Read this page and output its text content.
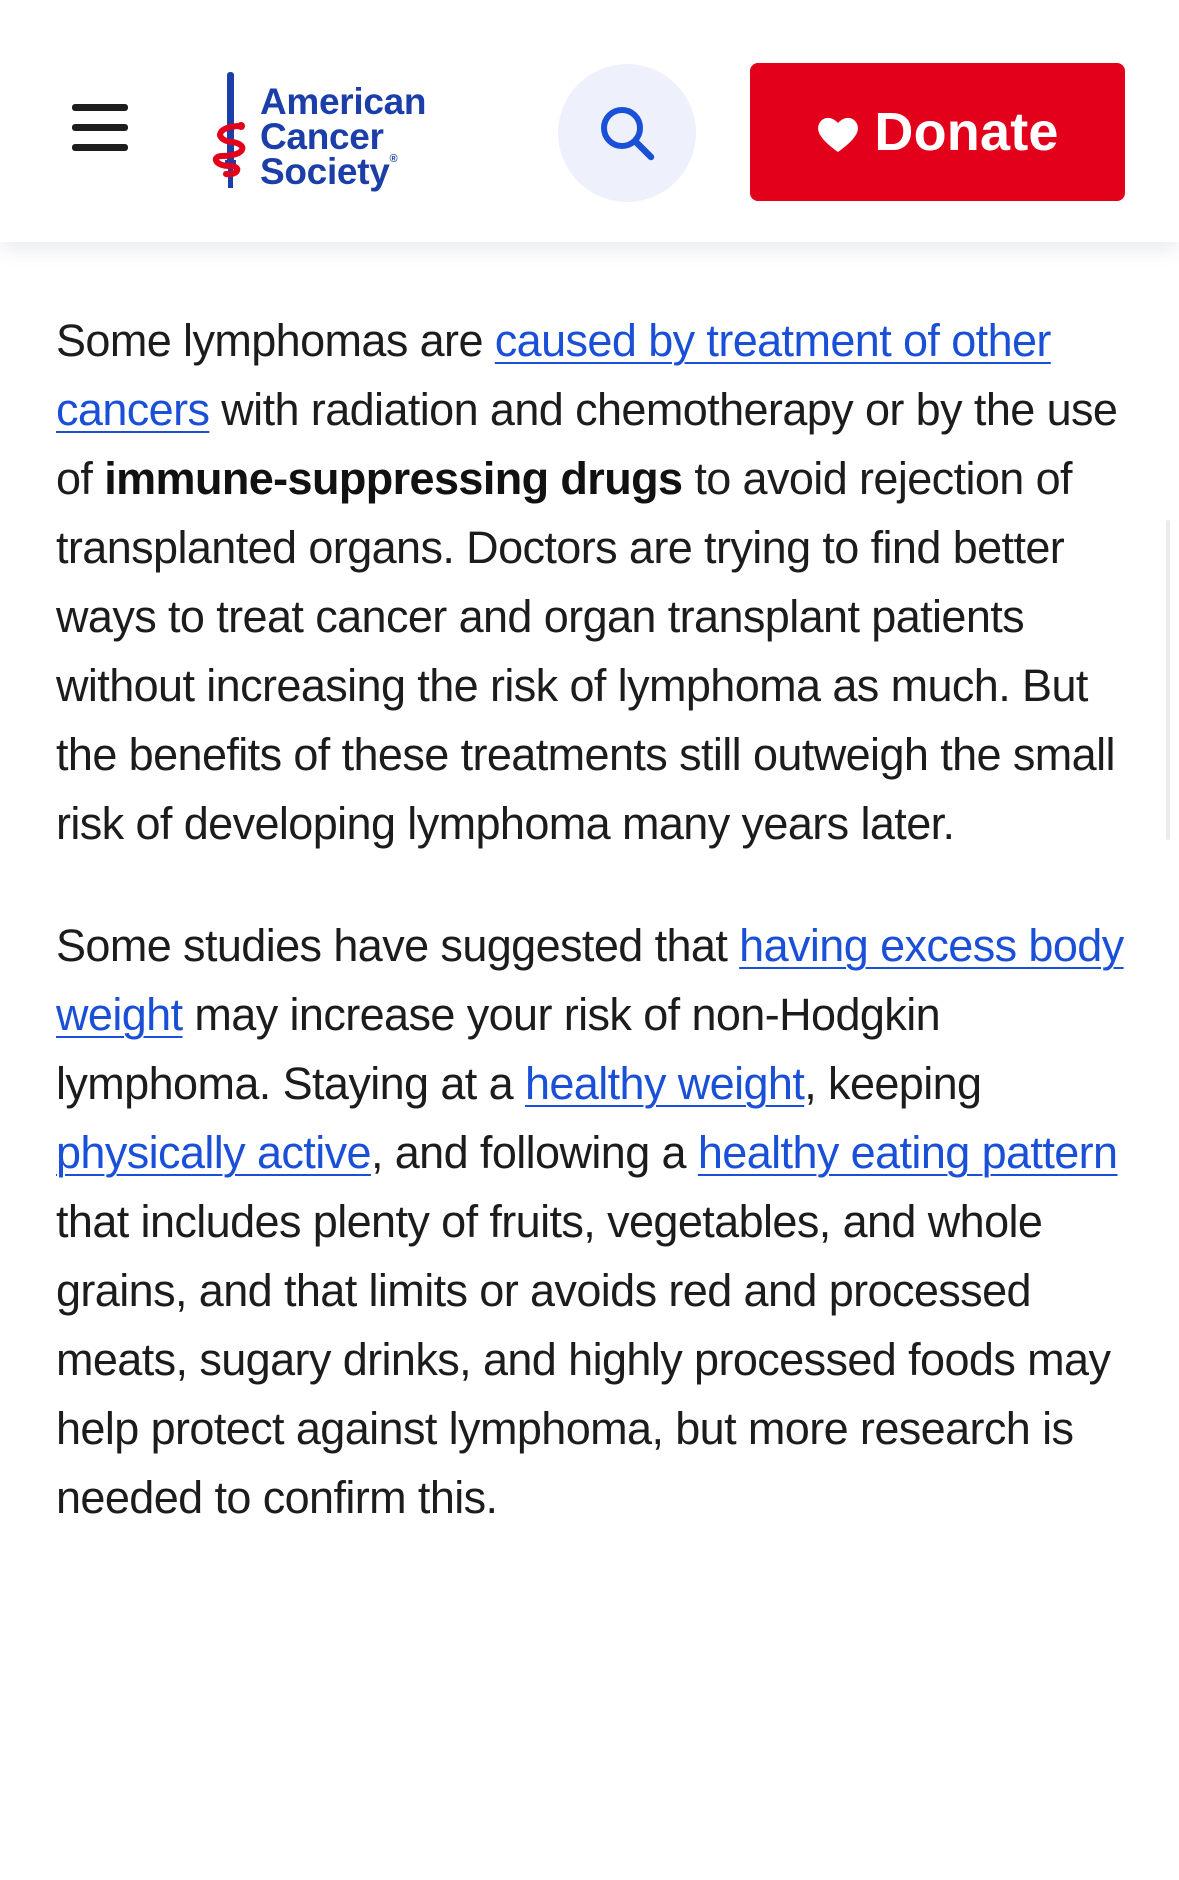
American
Cancer
Society®	Donate

Some lymphomas are caused by treatment of other cancers with radiation and chemotherapy or by the use of immune-suppressing drugs to avoid rejection of transplanted organs. Doctors are trying to find better ways to treat cancer and organ transplant patients without increasing the risk of lymphoma as much. But the benefits of these treatments still outweigh the small risk of developing lymphoma many years later.

Some studies have suggested that having excess body weight may increase your risk of non-Hodgkin lymphoma. Staying at a healthy weight, keeping physically active, and following a healthy eating pattern that includes plenty of fruits, vegetables, and whole grains, and that limits or avoids red and processed meats, sugary drinks, and highly processed foods may help protect against lymphoma, but more research is needed to confirm this.
